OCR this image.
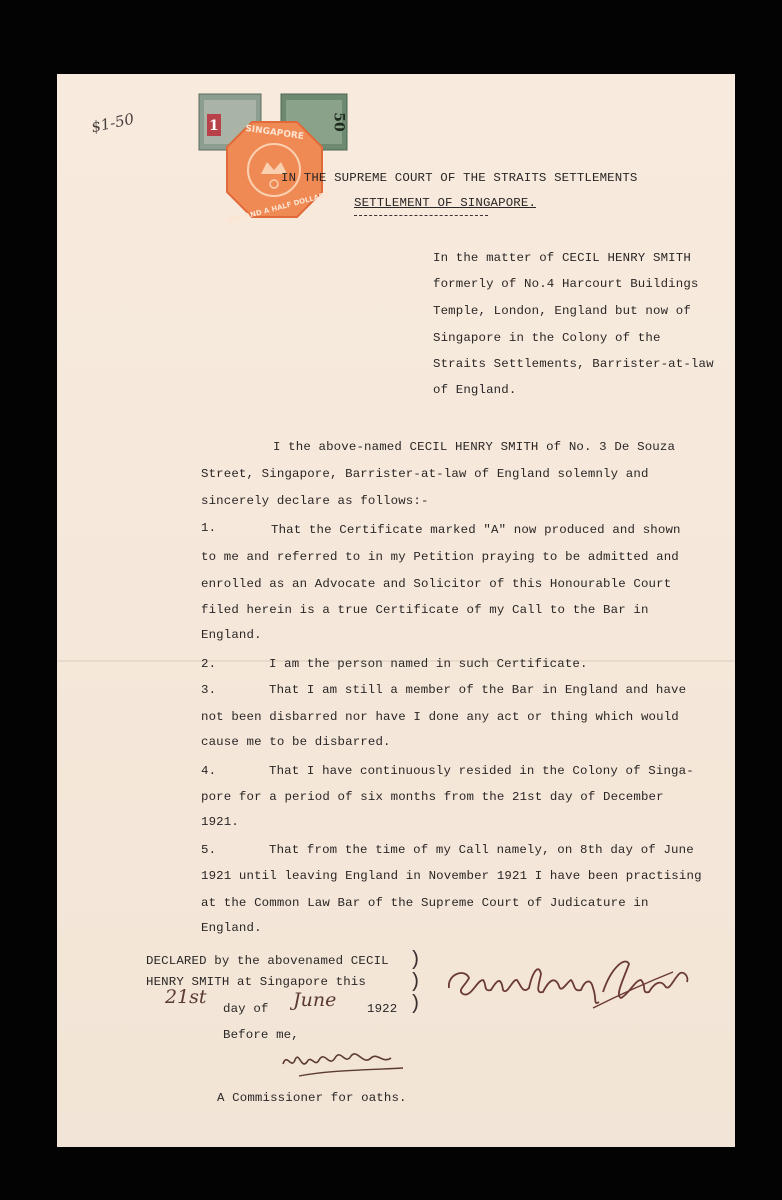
$1-50	1	50
SINGAPORE
ONE AND A HALF DOLLARS
IN THE SUPREME COURT OF THE STRAITS SETTLEMENTS
SETTLEMENT OF SINGAPORE.
In the matter of CECIL HENRY SMITH
formerly of No.4 Harcourt Buildings
Temple, London, England but now of
Singapore in the Colony of the
Straits Settlements, Barrister-at-law
of England.
I the above-named CECIL HENRY SMITH of No. 3 De Souza
Street, Singapore, Barrister-at-law of England solemnly and
sincerely declare as follows:-
1.	That the Certificate marked "A" now produced and shown
to me and referred to in my Petition praying to be admitted and
enrolled as an Advocate and Solicitor of this Honourable Court
filed herein is a true Certificate of my Call to the Bar in
England.
2.	I am the person named in such Certificate.
3.	That I am still a member of the Bar in England and have
not been disbarred nor have I done any act or thing which would
cause me to be disbarred.
4.	That I have continuously resided in the Colony of Singa-
pore for a period of six months from the 21st day of December
1921.
5.	That from the time of my Call namely, on 8th day of June
1921 until leaving England in November 1921 I have been practising
at the Common Law Bar of the Supreme Court of Judicature in
England.
DECLARED by the abovenamed CECIL
HENRY SMITH at Singapore this
21st
day of June 1922
)
)
)
Before me,
A Commissioner for oaths.
